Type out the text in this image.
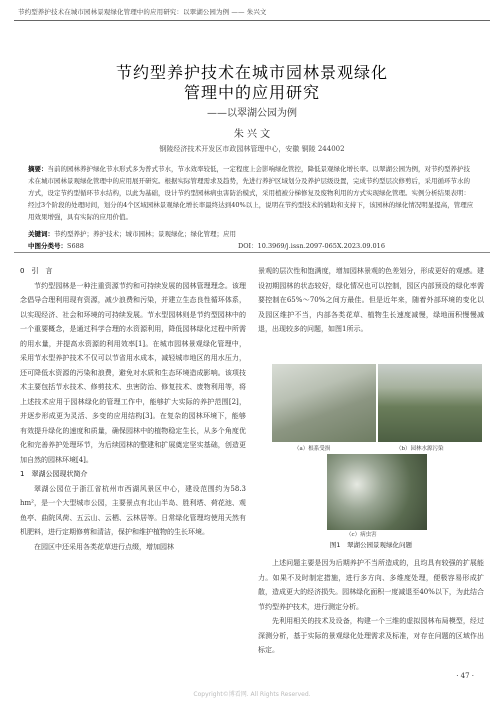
节约型养护技术在城市园林景观绿化管理中的应用研究：以翠湖公园为例 —— 朱兴文
节约型养护技术在城市园林景观绿化
管理中的应用研究
——以翠湖公园为例
朱 兴 文
钢陵经济技术开发区市政园林管理中心，安徽 铜陵 244002
摘要：当前的园林养护绿化节水形式多为普式节水，节水效率较低，一定程度上会影响绿化管控，降低景观绿化增长率。以翠湖公园为例，对节约型养护技术在城市园林景观绿化管理中的应用展开研究。根据实际管理需求及趋势，先进行养护区域划分及养护层级设置，完成节约型层次修剪后，采用循环节水的方式，设定节约型循环节水结构，以此为基础，设计节约型园林病虫害防治模式，采用植被分梯修复及废物利用的方式实现绿化管理。实例分析结果表明：经过3个阶段的处理时间，划分的4个区域园林景观绿化增长率最终达到40%以上，说明在节约型技术的辅助和支持下，该园林的绿化情况明显提高，管理应用效果增强，具有实际的应用价值。
关键词：节约型养护；养护技术；城市园林；景观绿化；绿化管理；应用
中图分类号：S688	DOI：10.3969/j.issn.2097-065X.2023.09.016
0　引　言
节约型园林是一种注重资源节约和可持续发展的园林管理理念。该理念倡导合理利用现有资源，减少浪费和污染，并建立生态良性循环体系，以实现经济、社会和环境的可持续发展。节水型园林则是节约型园林中的一个重要概念，是通过科学合理的水资源利用，降低园林绿化过程中所需的用水量，并提高水资源的利用效率[1]。在城市园林景观绿化管理中，采用节水型养护技术不仅可以节省用水成本，减轻城市地区的用水压力，还可降低水资源的污染和浪费，避免对水质和生态环境造成影响。该项技术主要包括节水技术、修剪技术、虫害防治、修复技术、废物利用等，将上述技术应用于园林绿化的管理工作中，能够扩大实际的养护范围[2]，并逐步形成更为灵活、多变的应用结构[3]。在复杂的园林环境下，能够有效提升绿化的速度和质量，确保园林中的植物稳定生长，从多个角度优化和完善养护处理环节，为后续园林的整建和扩展奠定坚实基础，创造更加自然的园林环境[4]。
1　翠湖公园现状简介
翠湖公园位于浙江省杭州市西湖风景区中心，建设范围约为58.3 hm²，是一个大型城市公园，主要景点有北山半岛、胜利塔、荷花池、观鱼亭、曲院风荷、五云山、云栖、云林居等。日常绿化管理均使用天然有机肥料，进行定期修剪和清洁，保护和维护植物的生长环境。
在园区中还采用各类花草进行点缀，增加园林
景观的层次性和饱满度，增加园林景观的色差划分，形成更好的观感。建设初期园林的状态较好，绿化情况也可以控制，园区内部预设的绿化率需要控制在65%～70%之间方最佳。但是近年来，随着外部环境的变化以及园区维护不当，内部各类花草、植物生长速度减慢，绿地面积慢慢减退，出现较多的问题，如图1所示。
（a）根系受损	（b）园林水源污染
（c）病虫害
图1　翠湖公园景观绿化问题
上述问题主要是因为后期养护不当所造成的，且均具有较强的扩展能力。如果不及时制定措施，进行多方向、多维度处理，便极容易形成扩散，造成更大的经济损失。园林绿化面积一度减退至40%以下，为此结合节约型养护技术，进行测定分析。
先利用相关的技术及设备，构建一个三维的虚拟园林布局模型，经过深测分析，基于实际的景观绿化处理需求及标准，对存在问题的区域作出标定。
· 47 ·
Copyright©博看网. All Rights Reserved.
